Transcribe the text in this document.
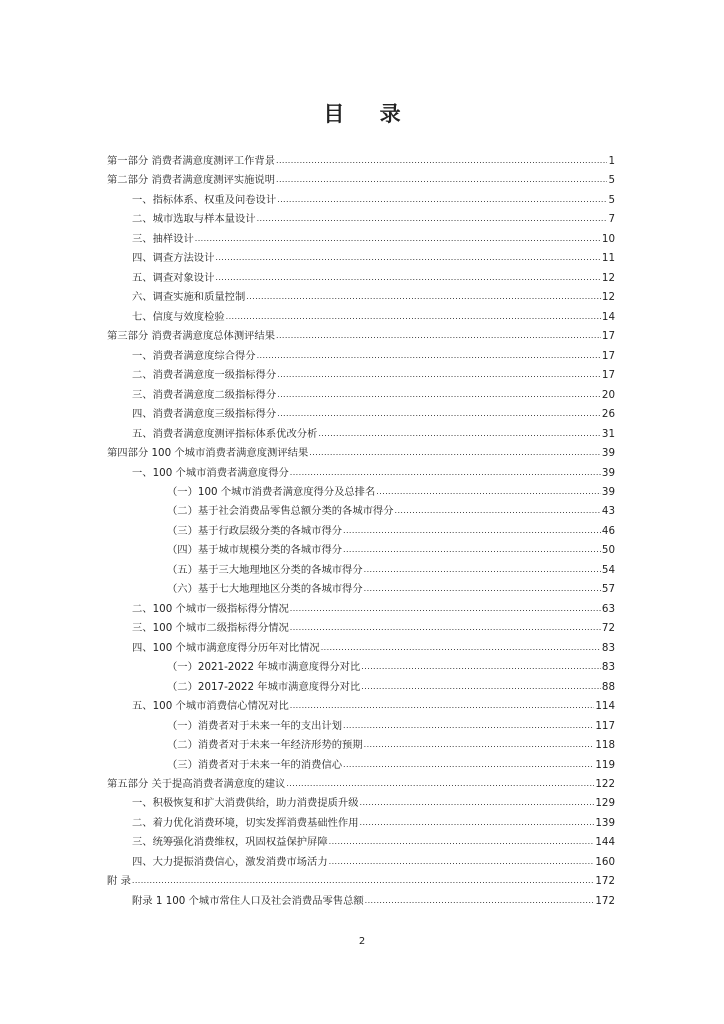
目 录
第一部分 消费者满意度测评工作背景 .....	1
第二部分 消费者满意度测评实施说明 .....	5
一、指标体系、权重及问卷设计 .....	5
二、城市选取与样本量设计 .....	7
三、抽样设计 .....	10
四、调查方法设计 .....	11
五、调查对象设计 .....	12
六、调查实施和质量控制 .....	12
七、信度与效度检验 .....	14
第三部分 消费者满意度总体测评结果 .....	17
一、消费者满意度综合得分 .....	17
二、消费者满意度一级指标得分 .....	17
三、消费者满意度二级指标得分 .....	20
四、消费者满意度三级指标得分 .....	26
五、消费者满意度测评指标体系优改分析 .....	31
第四部分 100 个城市消费者满意度测评结果 .....	39
一、100 个城市消费者满意度得分 .....	39
（一）100 个城市消费者满意度得分及总排名 .....	39
（二）基于社会消费品零售总额分类的各城市得分 .....	43
（三）基于行政层级分类的各城市得分 .....	46
（四）基于城市规模分类的各城市得分 .....	50
（五）基于三大地理地区分类的各城市得分 .....	54
（六）基于七大地理地区分类的各城市得分 .....	57
二、100 个城市一级指标得分情况 .....	63
三、100 个城市二级指标得分情况 .....	72
四、100 个城市满意度得分历年对比情况 .....	83
（一）2021-2022 年城市满意度得分对比 .....	83
（二）2017-2022 年城市满意度得分对比 .....	88
五、100 个城市消费信心情况对比 .....	114
（一）消费者对于未来一年的支出计划 .....	117
（二）消费者对于未来一年经济形势的预期 .....	118
（三）消费者对于未来一年的消费信心 .....	119
第五部分 关于提高消费者满意度的建议 .....	122
一、积极恢复和扩大消费供给，助力消费提质升级 .....	129
二、着力优化消费环境，切实发挥消费基础性作用 .....	139
三、统筹强化消费维权，巩固权益保护屏障 .....	144
四、大力提振消费信心，激发消费市场活力 .....	160
附 录 .....	172
附录 1 100 个城市常住人口及社会消费品零售总额 .....	172
2
